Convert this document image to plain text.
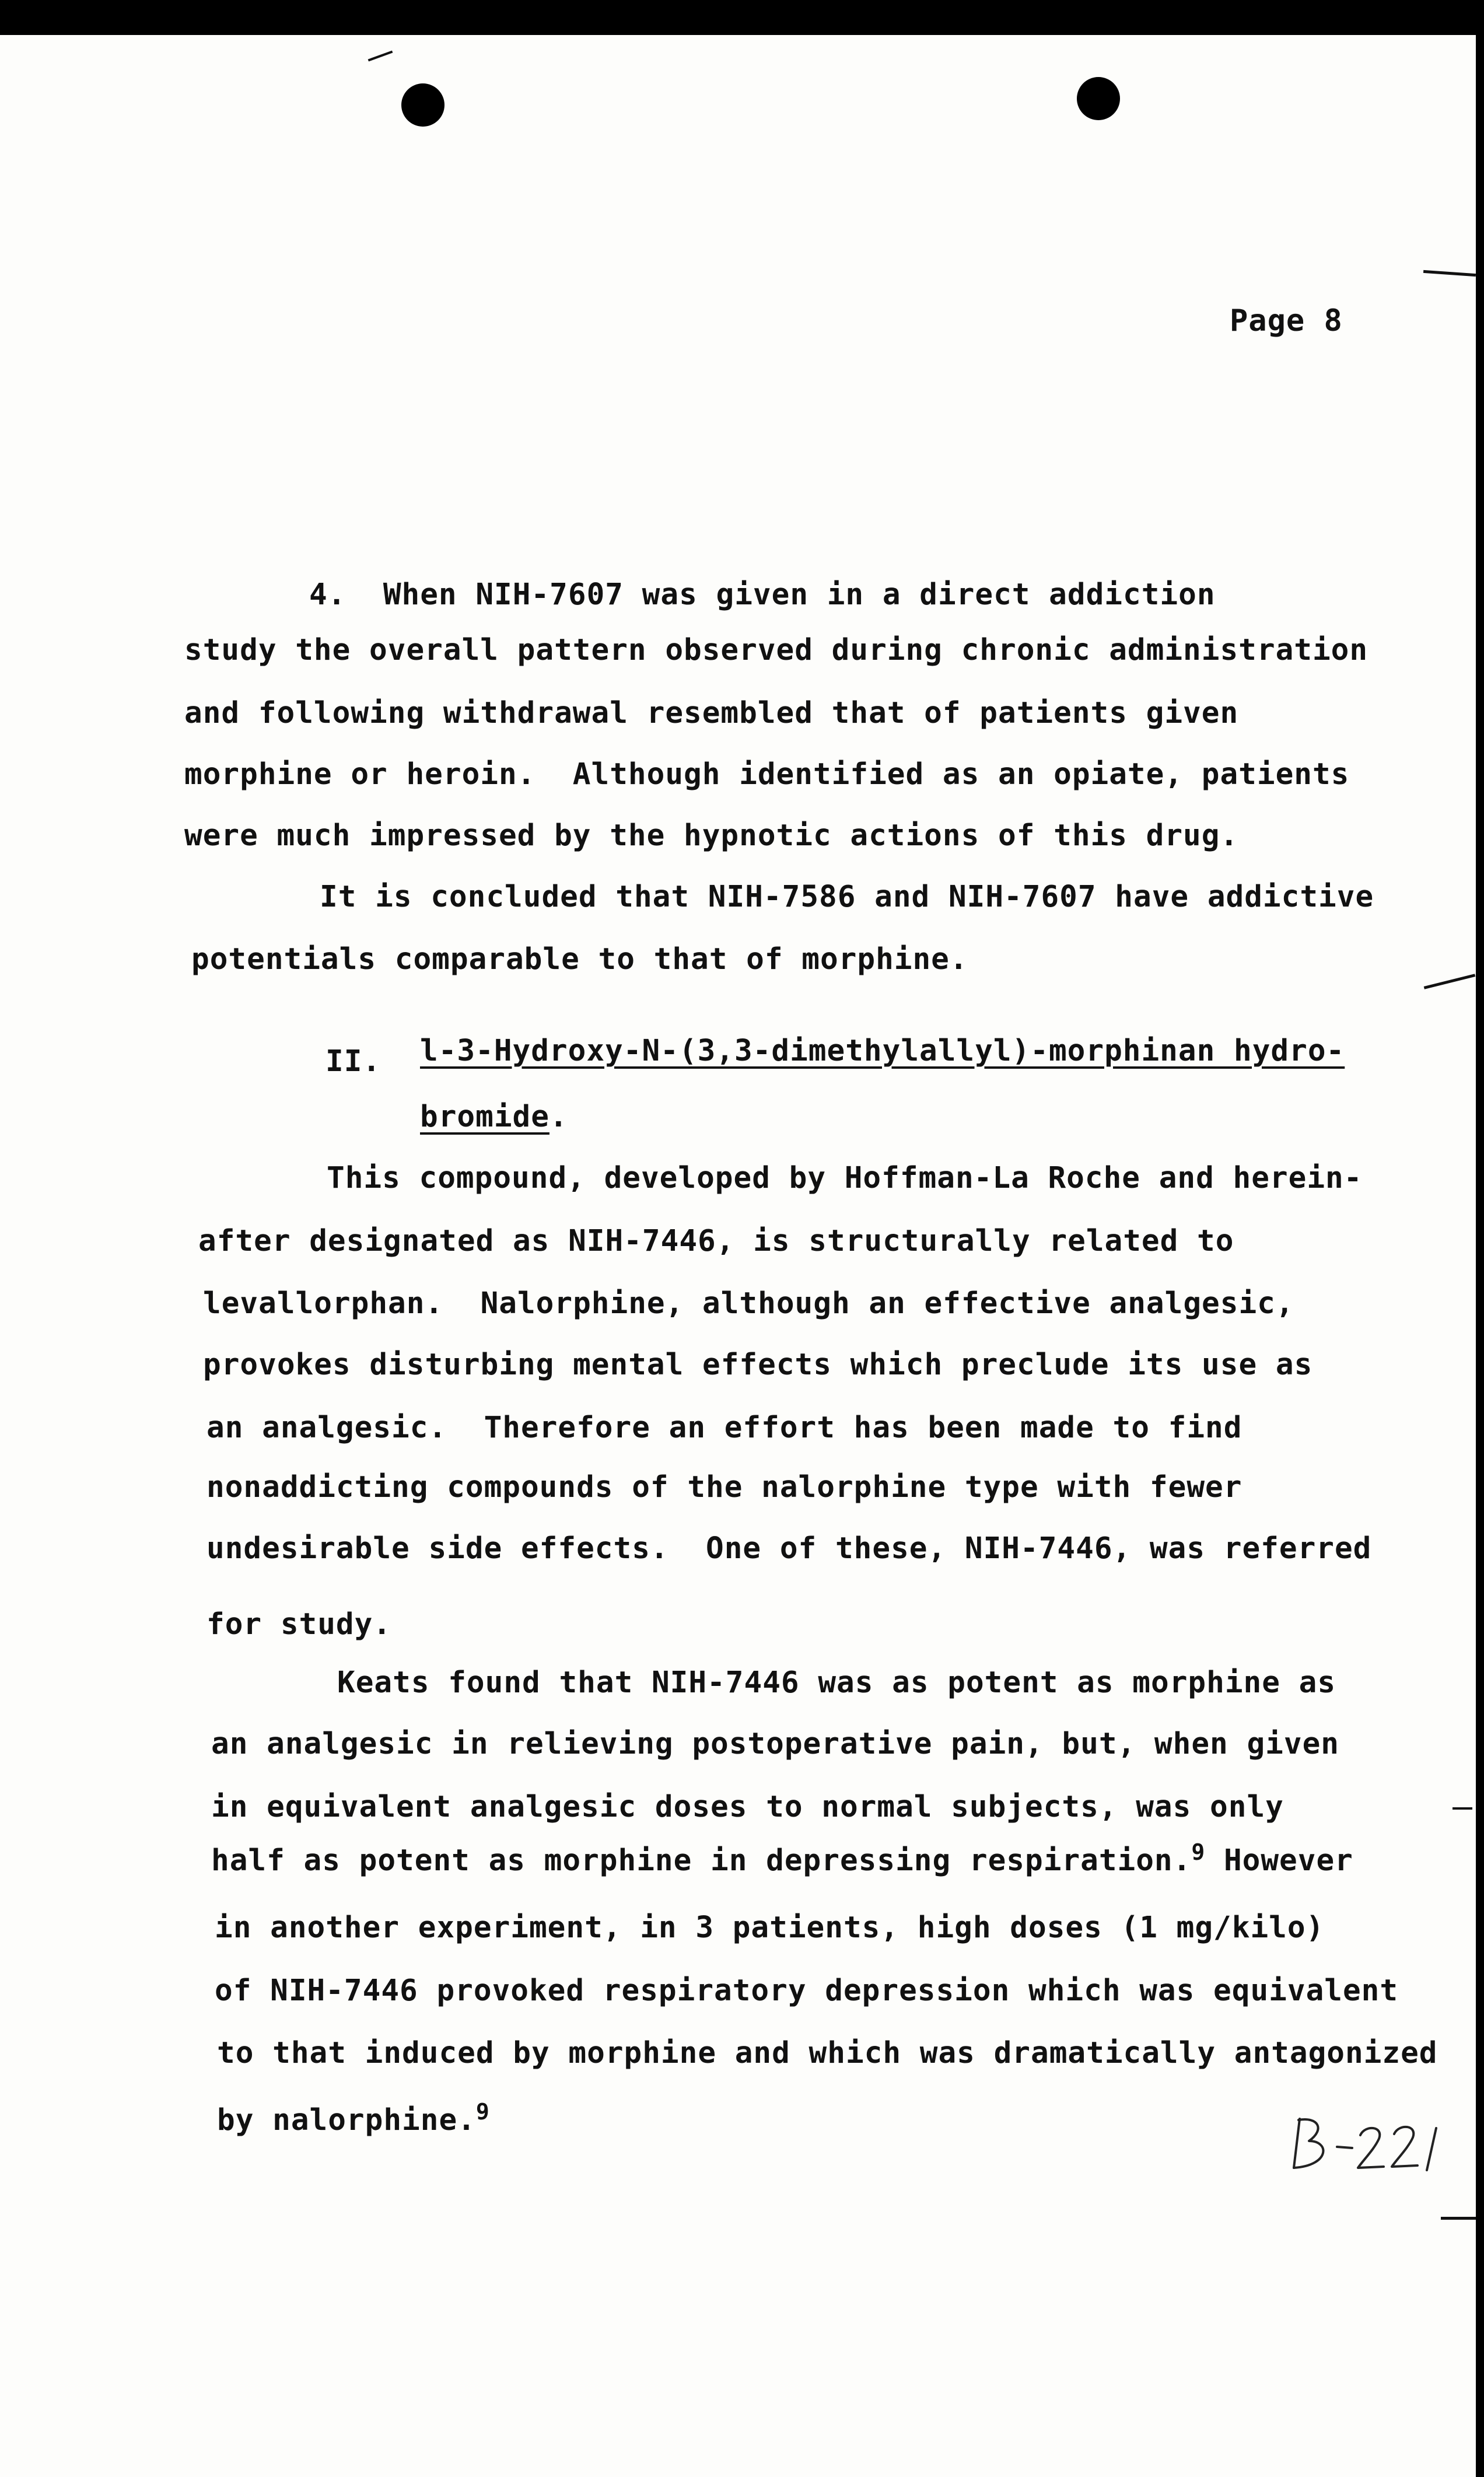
Page 8
4.  When NIH-7607 was given in a direct addiction
study the overall pattern observed during chronic administration
and following withdrawal resembled that of patients given
morphine or heroin.  Although identified as an opiate, patients
were much impressed by the hypnotic actions of this drug.
It is concluded that NIH-7586 and NIH-7607 have addictive
potentials comparable to that of morphine.
II. l-3-Hydroxy-N-(3,3-dimethylallyl)-morphinan hydro-
bromide.
This compound, developed by Hoffman-La Roche and herein-
after designated as NIH-7446, is structurally related to
levallorphan.  Nalorphine, although an effective analgesic,
provokes disturbing mental effects which preclude its use as
an analgesic.  Therefore an effort has been made to find
nonaddicting compounds of the nalorphine type with fewer
undesirable side effects.  One of these, NIH-7446, was referred
for study.
Keats found that NIH-7446 was as potent as morphine as
an analgesic in relieving postoperative pain, but, when given
in equivalent analgesic doses to normal subjects, was only
half as potent as morphine in depressing respiration.$^9$ However
in another experiment, in 3 patients, high doses (1 mg/kilo)
of NIH-7446 provoked respiratory depression which was equivalent
to that induced by morphine and which was dramatically antagonized
by nalorphine.$^9$
